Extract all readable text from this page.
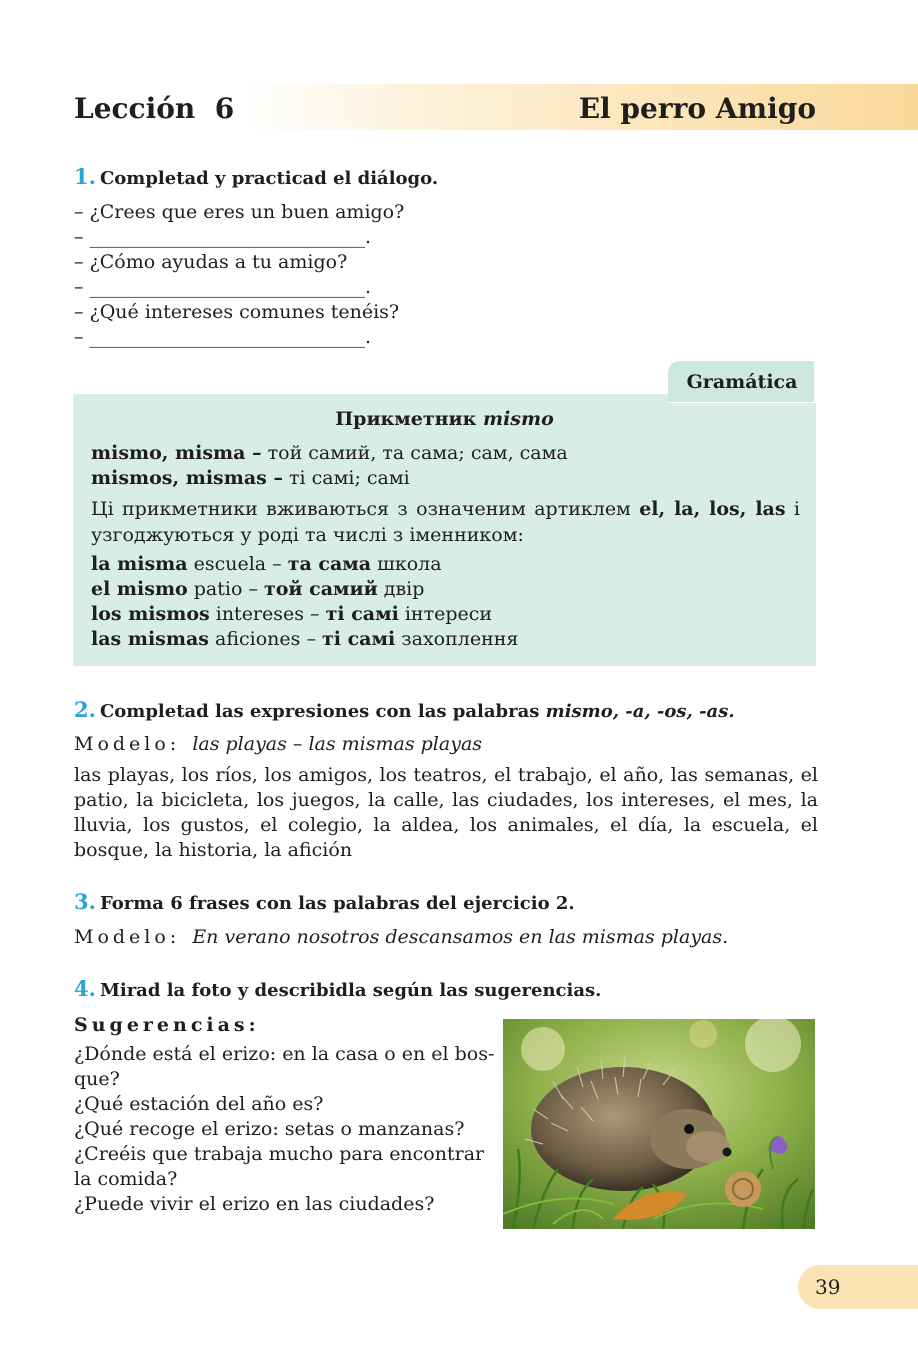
Lección  6	El perro Amigo
1. Completad y practicad el diálogo.
– ¿Crees que eres un buen amigo?
– _____________________________.
– ¿Cómo ayudas a tu amigo?
– _____________________________.
– ¿Qué intereses comunes tenéis?
– _____________________________.
Прикметник mismo
mismo, misma – той самий, та сама; сам, сама
mismos, mismas – ті самі; самі
Ці прикметники вживаються з означеним артиклем el, la, los, las і узгоджуються у роді та числі з іменником:
la misma escuela – та сама школа
el mismo patio – той самий двір
los mismos intereses – ті самі інтереси
las mismas aficiones – ті самі захоплення
Gramática
2. Completad las expresiones con las palabras mismo, -a, -os, -as.
Modelo: las playas – las mismas playas
las playas, los ríos, los amigos, los teatros, el trabajo, el año, las semanas, el patio, la bicicleta, los juegos, la calle, las ciudades, los intereses, el mes, la lluvia, los gustos, el colegio, la aldea, los animales, el día, la escuela, el bosque, la historia, la afición
3. Forma 6 frases con las palabras del ejercicio 2.
Modelo: En verano nosotros descansamos en las mismas playas.
4. Mirad la foto y describidla según las sugerencias.
Sugerencias:
¿Dónde está el erizo: en la casa o en el bos-
que?
¿Qué estación del año es?
¿Qué recoge el erizo: setas o manzanas?
¿Creéis que trabaja mucho para encontrar
la comida?
¿Puede vivir el erizo en las ciudades?
39
